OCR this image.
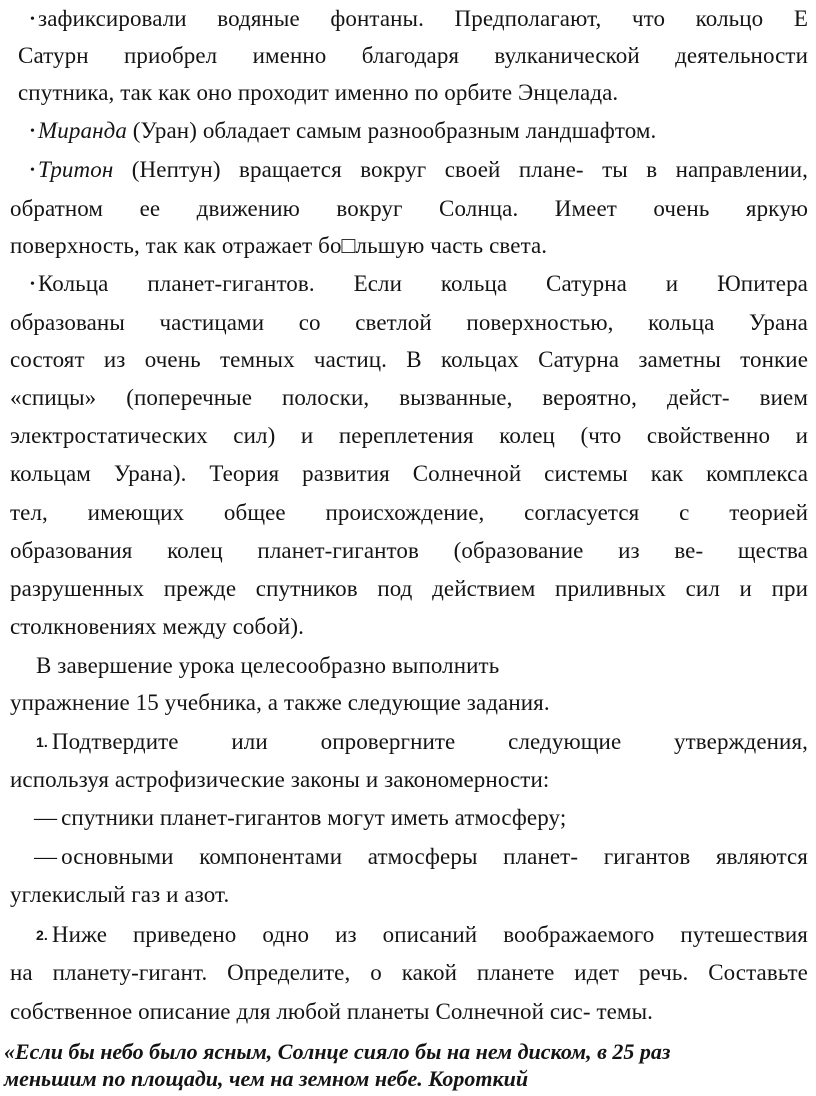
• зафиксировали водяные фонтаны. Предполагают, что кольцо Е
Сатурн приобрел именно благодаря вулканической деятельности
спутника, так как оно проходит именно по орбите Энцелада.
• Миранда (Уран) обладает самым разнообразным ландшафтом.
• Тритон (Нептун) вращается вокруг своей плане- ты в направлении,
обратном ее движению вокруг Солнца. Имеет очень яркую
поверхность, так как отражает бо□льшую часть света.
• Кольца планет-гигантов. Если кольца Сатурна и Юпитера
образованы частицами со светлой поверхностью, кольца Урана
состоят из очень темных частиц. В кольцах Сатурна заметны тонкие
«спицы» (поперечные полоски, вызванные, вероятно, дейст- вием
электростатических сил) и переплетения колец (что свойственно и
кольцам Урана). Теория развития Солнечной системы как комплекса
тел, имеющих общее происхождение, согласуется с теорией
образования колец планет-гигантов (образование из ве- щества
разрушенных прежде спутников под действием приливных сил и при
столкновениях между собой).
В завершение урока целесообразно выполнить
упражнение 15 учебника, а также следующие задания.
1. Подтвердите или опровергните следующие утверждения,
используя астрофизические законы и закономерности:
— спутники планет-гигантов могут иметь атмосферу;
— основными компонентами атмосферы планет- гигантов являются
углекислый газ и азот.
2. Ниже приведено одно из описаний воображаемого путешествия
на планету-гигант. Определите, о какой планете идет речь. Составьте
собственное описание для любой планеты Солнечной сис- темы.
«Если бы небо было ясным, Солнце сияло бы на нем диском, в 25 раз
меньшим по площади, чем на земном небе. Короткий
